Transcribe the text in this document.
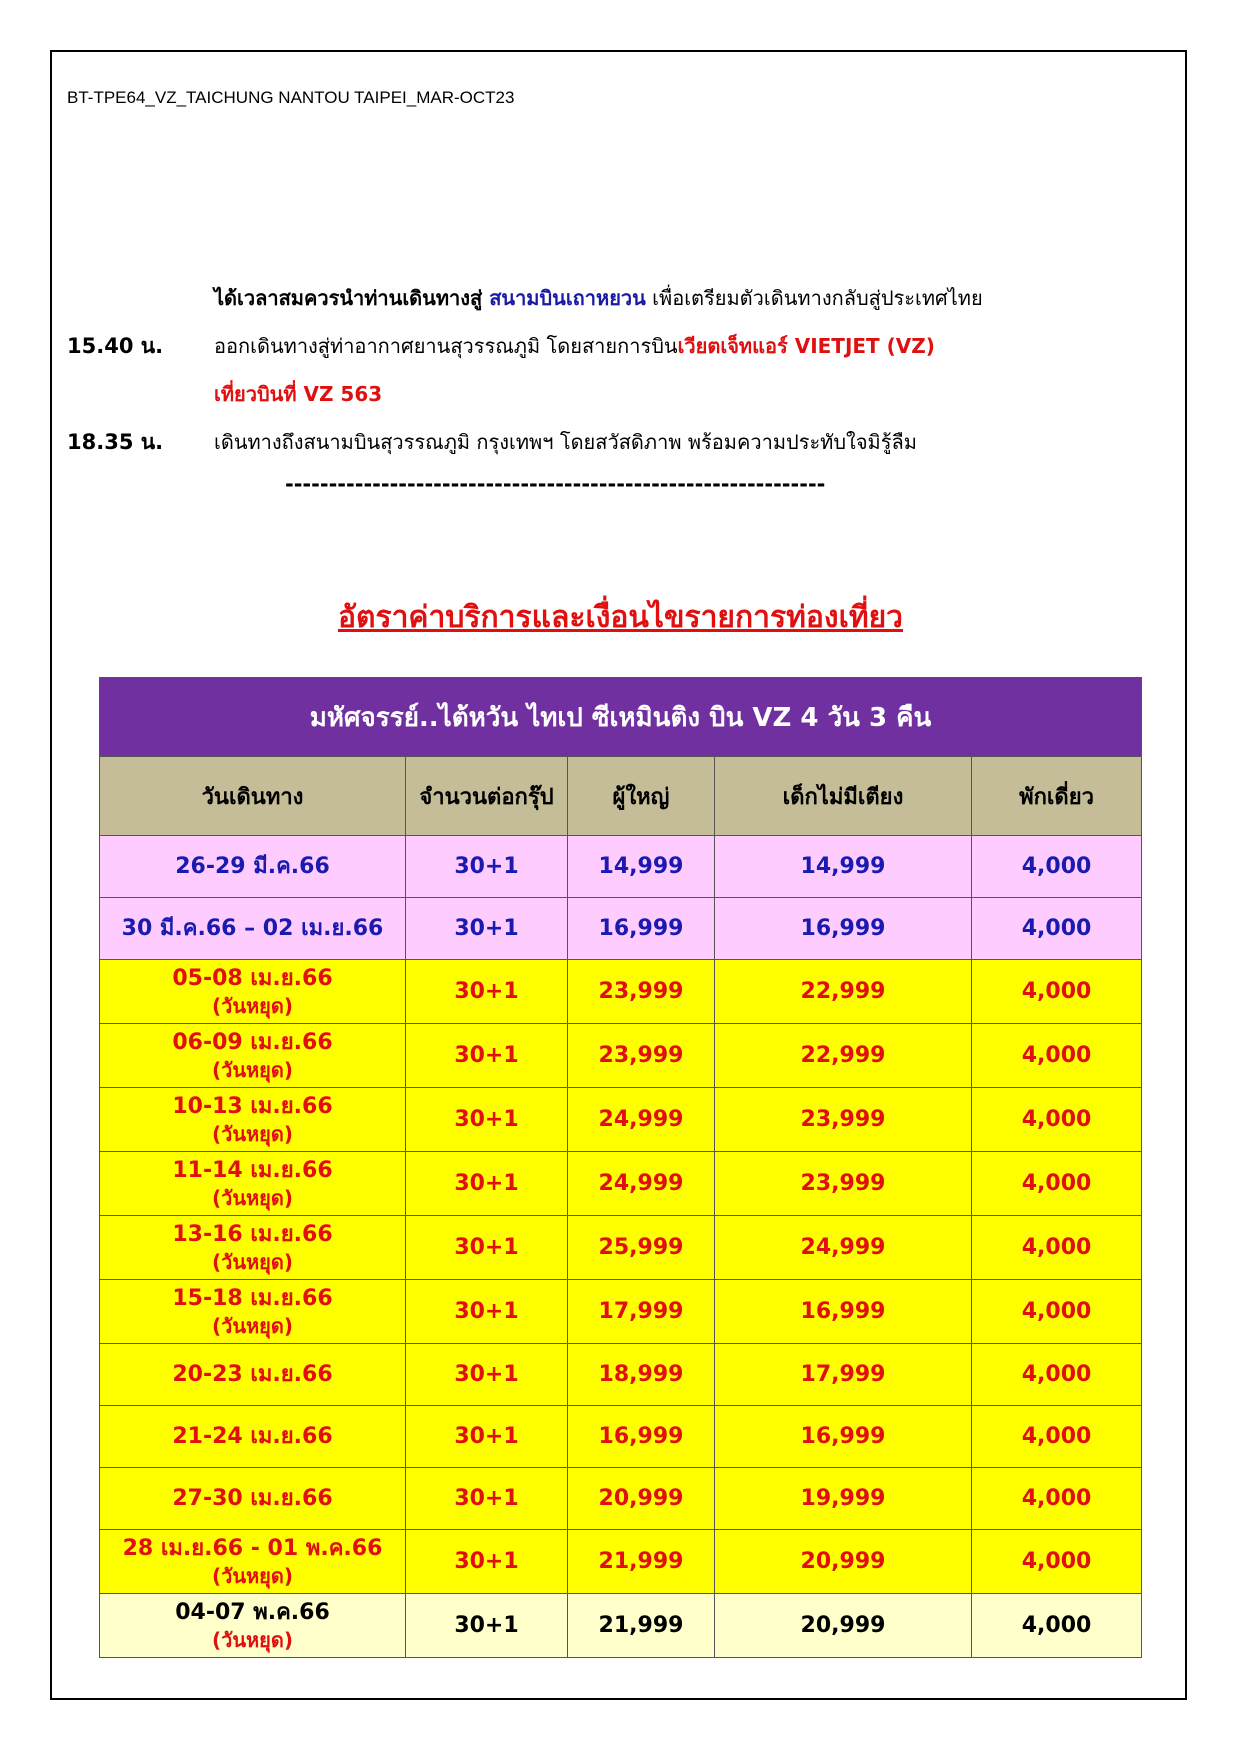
BT-TPE64_VZ_TAICHUNG NANTOU TAIPEI_MAR-OCT23
ได้เวลาสมควรนำท่านเดินทางสู่ สนามบินเถาหยวน เพื่อเตรียมตัวเดินทางกลับสู่ประเทศไทย
15.40 น.	ออกเดินทางสู่ท่าอากาศยานสุวรรณภูมิ โดยสายการบินเวียตเจ็ทแอร์ VIETJET (VZ)
เที่ยวบินที่ VZ 563
18.35 น.	เดินทางถึงสนามบินสุวรรณภูมิ กรุงเทพฯ โดยสวัสดิภาพ พร้อมความประทับใจมิรู้ลืม
--------------------------------------------------------------
อัตราค่าบริการและเงื่อนไขรายการท่องเที่ยว
มหัศจรรย์..ไต้หวัน ไทเป ซีเหมินติง บิน VZ 4 วัน 3 คืน				
วันเดินทาง	จำนวนต่อกรุ๊ป	ผู้ใหญ่	เด็กไม่มีเตียง	พักเดี่ยว

26-29 มี.ค.66	30+1	14,999	14,999	4,000

30 มี.ค.66 – 02 เม.ย.66	30+1	16,999	16,999	4,000

05-08 เม.ย.66
(วันหยุด)	30+1	23,999	22,999	4,000

06-09 เม.ย.66
(วันหยุด)	30+1	23,999	22,999	4,000

10-13 เม.ย.66
(วันหยุด)	30+1	24,999	23,999	4,000

11-14 เม.ย.66
(วันหยุด)	30+1	24,999	23,999	4,000

13-16 เม.ย.66
(วันหยุด)	30+1	25,999	24,999	4,000

15-18 เม.ย.66
(วันหยุด)	30+1	17,999	16,999	4,000

20-23 เม.ย.66	30+1	18,999	17,999	4,000

21-24 เม.ย.66	30+1	16,999	16,999	4,000

27-30 เม.ย.66	30+1	20,999	19,999	4,000

28 เม.ย.66 - 01 พ.ค.66
(วันหยุด)	30+1	21,999	20,999	4,000

04-07 พ.ค.66
(วันหยุด)	30+1	21,999	20,999	4,000
